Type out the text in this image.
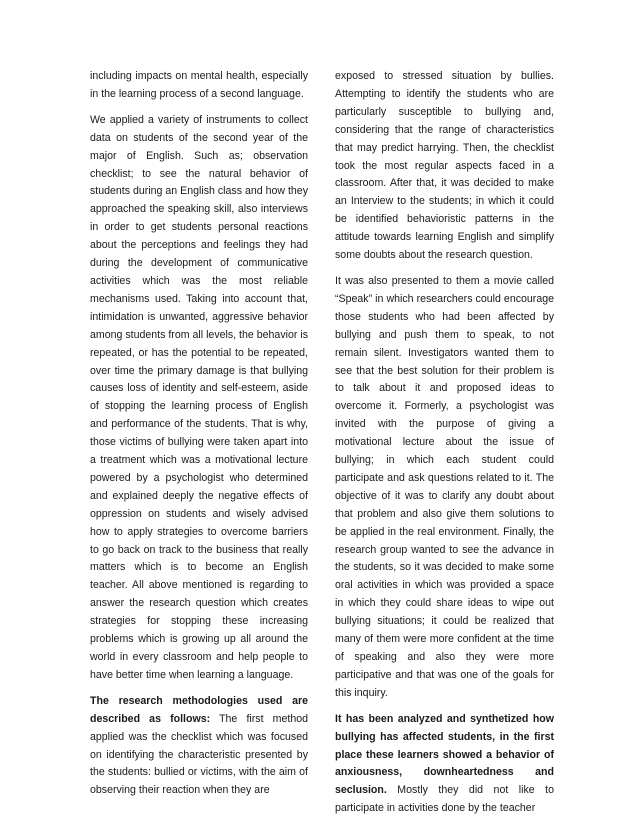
including impacts on mental health, especially in the learning process of a second language.

We applied a variety of instruments to collect data on students of the second year of the major of English. Such as; observation checklist; to see the natural behavior of students during an English class and how they approached the speaking skill, also interviews in order to get students personal reactions about the perceptions and feelings they had during the development of communicative activities which was the most reliable mechanisms used. Taking into account that, intimidation is unwanted, aggressive behavior among students from all levels, the behavior is repeated, or has the potential to be repeated, over time the primary damage is that bullying causes loss of identity and self-esteem, aside of stopping the learning process of English and performance of the students. That is why, those victims of bullying were taken apart into a treatment which was a motivational lecture powered by a psychologist who determined and explained deeply the negative effects of oppression on students and wisely advised how to apply strategies to overcome barriers to go back on track to the business that really matters which is to become an English teacher. All above mentioned is regarding to answer the research question which creates strategies for stopping these increasing problems which is growing up all around the world in every classroom and help people to have better time when learning a language.

The research methodologies used are described as follows: The first method applied was the checklist which was focused on identifying the characteristic presented by the students: bullied or victims, with the aim of observing their reaction when they are

exposed to stressed situation by bullies. Attempting to identify the students who are particularly susceptible to bullying and, considering that the range of characteristics that may predict harrying. Then, the checklist took the most regular aspects faced in a classroom. After that, it was decided to make an Interview to the students; in which it could be identified behavioristic patterns in the attitude towards learning English and simplify some doubts about the research question.

It was also presented to them a movie called “Speak” in which researchers could encourage those students who had been affected by bullying and push them to speak, to not remain silent. Investigators wanted them to see that the best solution for their problem is to talk about it and proposed ideas to overcome it. Formerly, a psychologist was invited with the purpose of giving a motivational lecture about the issue of bullying; in which each student could participate and ask questions related to it. The objective of it was to clarify any doubt about that problem and also give them solutions to be applied in the real environment. Finally, the research group wanted to see the advance in the students, so it was decided to make some oral activities in which was provided a space in which they could share ideas to wipe out bullying situations; it could be realized that many of them were more confident at the time of speaking and also they were more participative and that was one of the goals for this inquiry.

It has been analyzed and synthetized how bullying has affected students, in the first place these learners showed a behavior of anxiousness, downheartedness and seclusion. Mostly they did not like to participate in activities done by the teacher
